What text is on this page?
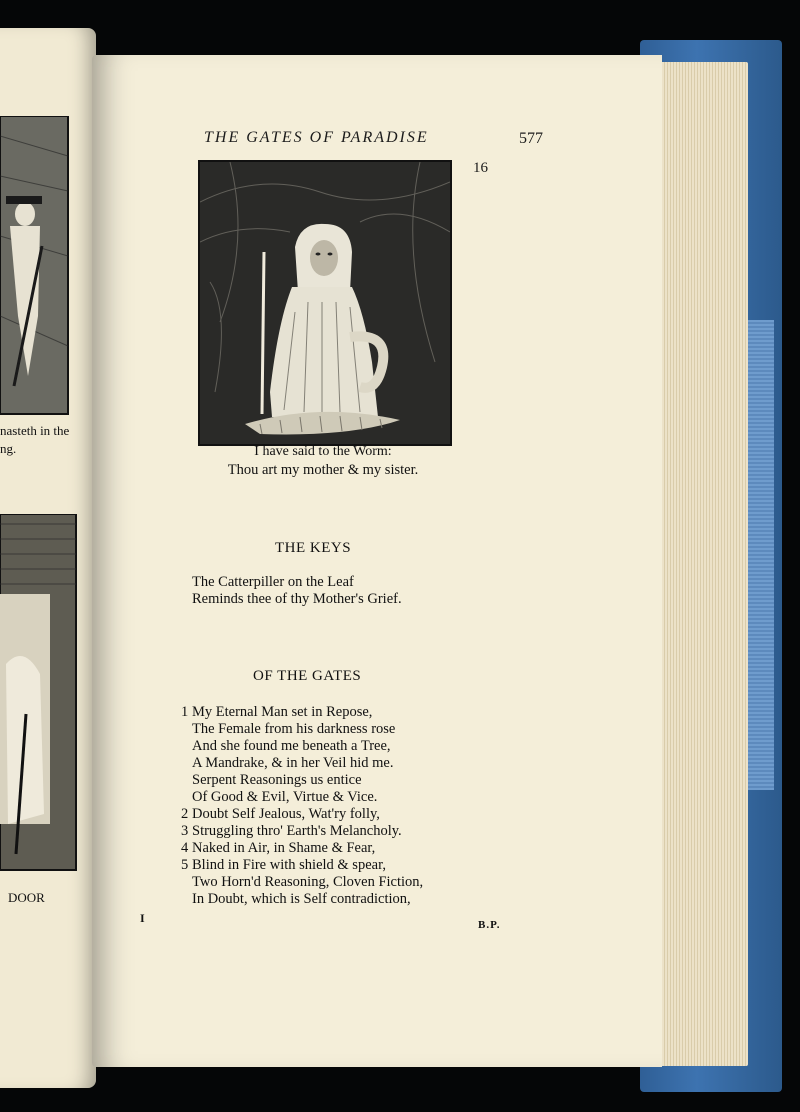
nasteth in the
ng.
DOOR
THE GATES OF PARADISE	577
16
I have said to the Worm:
Thou art my mother & my sister.
THE KEYS
The Catterpiller on the Leaf
Reminds thee of thy Mother's Grief.
OF THE GATES
1 My Eternal Man set in Repose,
The Female from his darkness rose
And she found me beneath a Tree,
A Mandrake, & in her Veil hid me.
Serpent Reasonings us entice
Of Good & Evil, Virtue & Vice.
2 Doubt Self Jealous, Wat'ry folly,
3 Struggling thro' Earth's Melancholy.
4 Naked in Air, in Shame & Fear,
5 Blind in Fire with shield & spear,
Two Horn'd Reasoning, Cloven Fiction,
In Doubt, which is Self contradiction,
I	B.P.
